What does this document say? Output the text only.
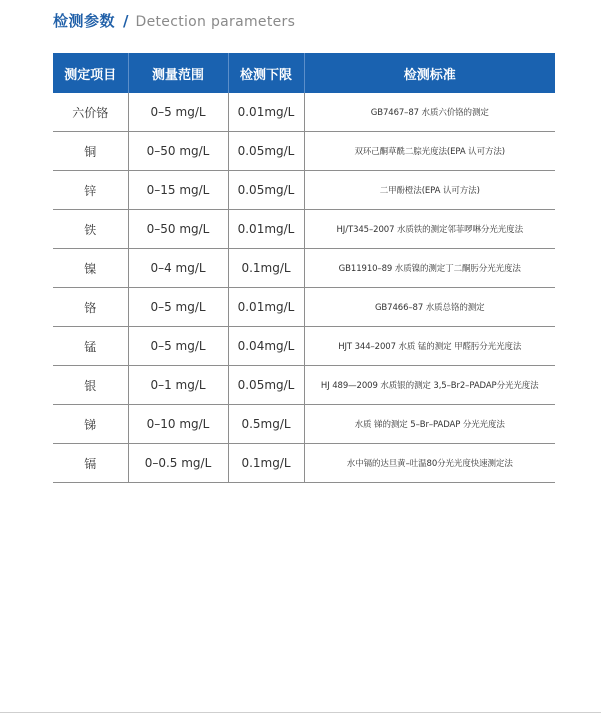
检测参数 / Detection parameters
测定项目	测量范围	检测下限	检测标准
六价铬	0–5 mg/L	0.01mg/L	GB7467–87 水质六价铬的测定
铜	0–50 mg/L	0.05mg/L	双环己酮草酰二腙光度法(EPA 认可方法)
锌	0–15 mg/L	0.05mg/L	二甲酚橙法(EPA 认可方法)
铁	0–50 mg/L	0.01mg/L	HJ/T345–2007 水质铁的测定邻菲啰啉分光光度法
镍	0–4 mg/L	0.1mg/L	GB11910–89 水质镍的测定丁二酮肟分光光度法
铬	0–5 mg/L	0.01mg/L	GB7466–87 水质总铬的测定
锰	0–5 mg/L	0.04mg/L	HJT 344–2007 水质 锰的测定 甲醛肟分光光度法
银	0–1 mg/L	0.05mg/L	HJ 489—2009 水质银的测定 3,5–Br2–PADAP分光光度法
锑	0–10 mg/L	0.5mg/L	水质 锑的测定 5–Br–PADAP 分光光度法
镉	0–0.5 mg/L	0.1mg/L	水中镉的达旦黄–吐温80分光光度快速测定法
